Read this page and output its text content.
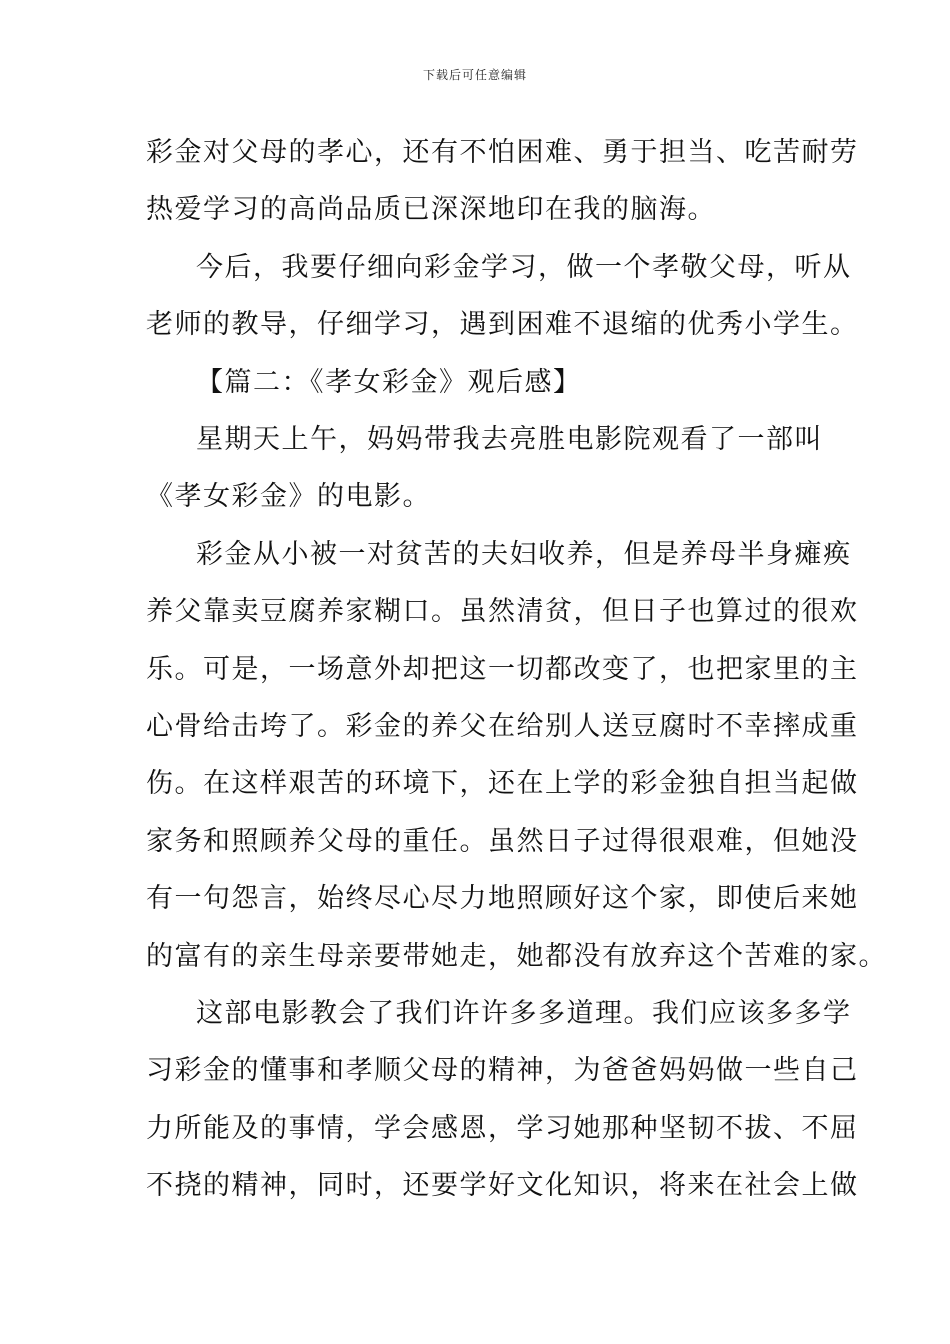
下载后可任意编辑
彩金对父母的孝心，还有不怕困难、勇于担当、吃苦耐劳
热爱学习的高尚品质已深深地印在我的脑海。
今后，我要仔细向彩金学习，做一个孝敬父母，听从
老师的教导，仔细学习，遇到困难不退缩的优秀小学生。
【篇二：《孝女彩金》观后感】
星期天上午，妈妈带我去亮胜电影院观看了一部叫
《孝女彩金》的电影。
彩金从小被一对贫苦的夫妇收养，但是养母半身瘫痪
养父靠卖豆腐养家糊口。虽然清贫，但日子也算过的很欢
乐。可是，一场意外却把这一切都改变了，也把家里的主
心骨给击垮了。彩金的养父在给别人送豆腐时不幸摔成重
伤。在这样艰苦的环境下，还在上学的彩金独自担当起做
家务和照顾养父母的重任。虽然日子过得很艰难，但她没
有一句怨言，始终尽心尽力地照顾好这个家，即使后来她
的富有的亲生母亲要带她走，她都没有放弃这个苦难的家。
这部电影教会了我们许许多多道理。我们应该多多学
习彩金的懂事和孝顺父母的精神，为爸爸妈妈做一些自己
力所能及的事情，学会感恩，学习她那种坚韧不拔、不屈
不挠的精神，同时，还要学好文化知识，将来在社会上做
